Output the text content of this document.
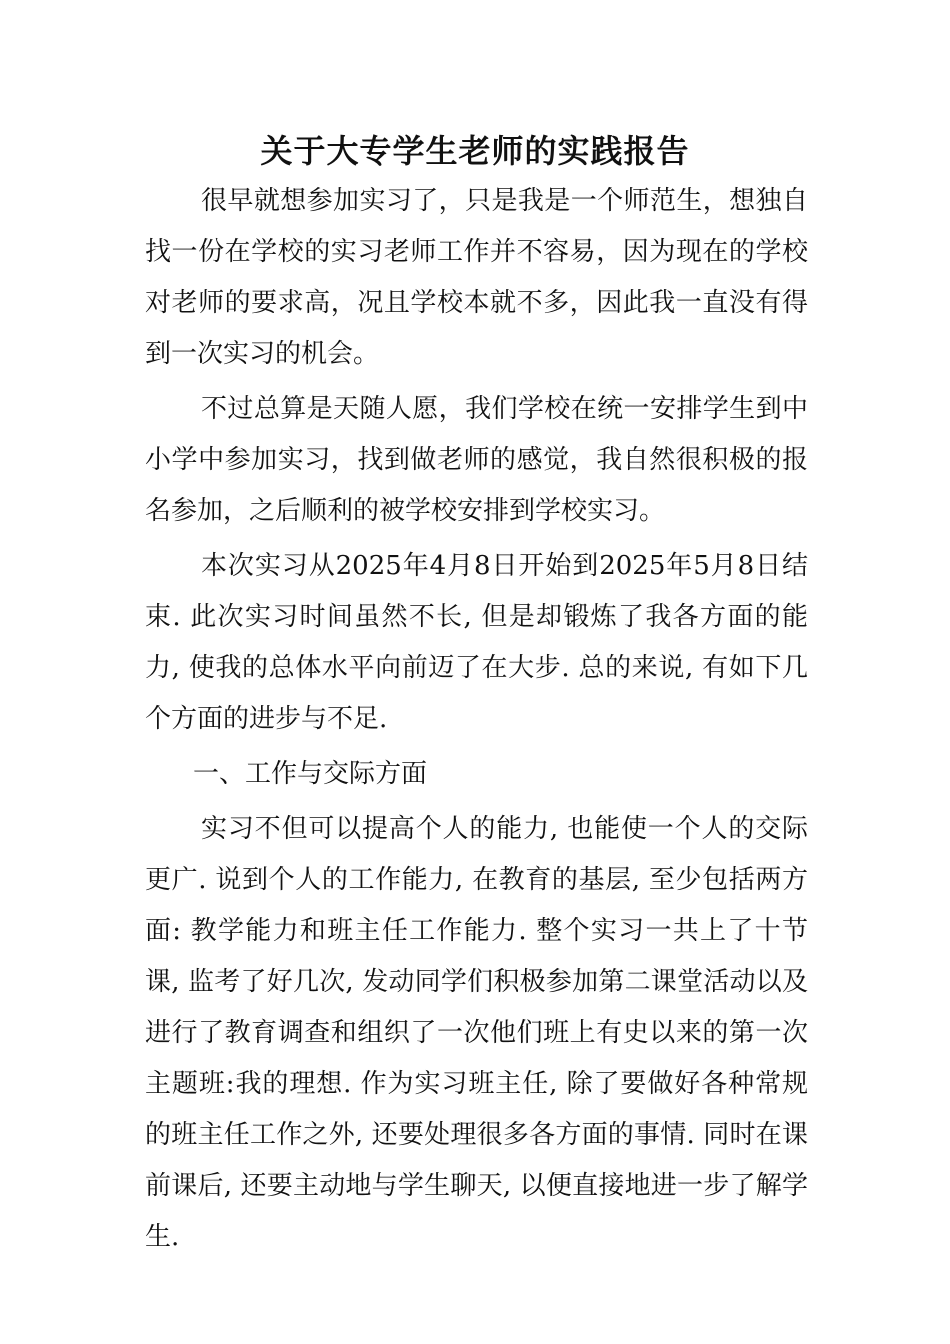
关于大专学生老师的实践报告

很早就想参加实习了，只是我是一个师范生，想独自找一份在学校的实习老师工作并不容易，因为现在的学校对老师的要求高，况且学校本就不多，因此我一直没有得到一次实习的机会。

不过总算是天随人愿，我们学校在统一安排学生到中小学中参加实习，找到做老师的感觉，我自然很积极的报名参加，之后顺利的被学校安排到学校实习。

本次实习从2025年4月8日开始到2025年5月8日结束. 此次实习时间虽然不长, 但是却锻炼了我各方面的能力, 使我的总体水平向前迈了在大步. 总的来说, 有如下几个方面的进步与不足.

一、工作与交际方面

实习不但可以提高个人的能力, 也能使一个人的交际更广. 说到个人的工作能力, 在教育的基层, 至少包括两方面: 教学能力和班主任工作能力. 整个实习一共上了十节课, 监考了好几次, 发动同学们积极参加第二课堂活动以及进行了教育调查和组织了一次他们班上有史以来的第一次主题班:我的理想. 作为实习班主任, 除了要做好各种常规的班主任工作之外, 还要处理很多各方面的事情. 同时在课前课后, 还要主动地与学生聊天, 以便直接地进一步了解学生.
